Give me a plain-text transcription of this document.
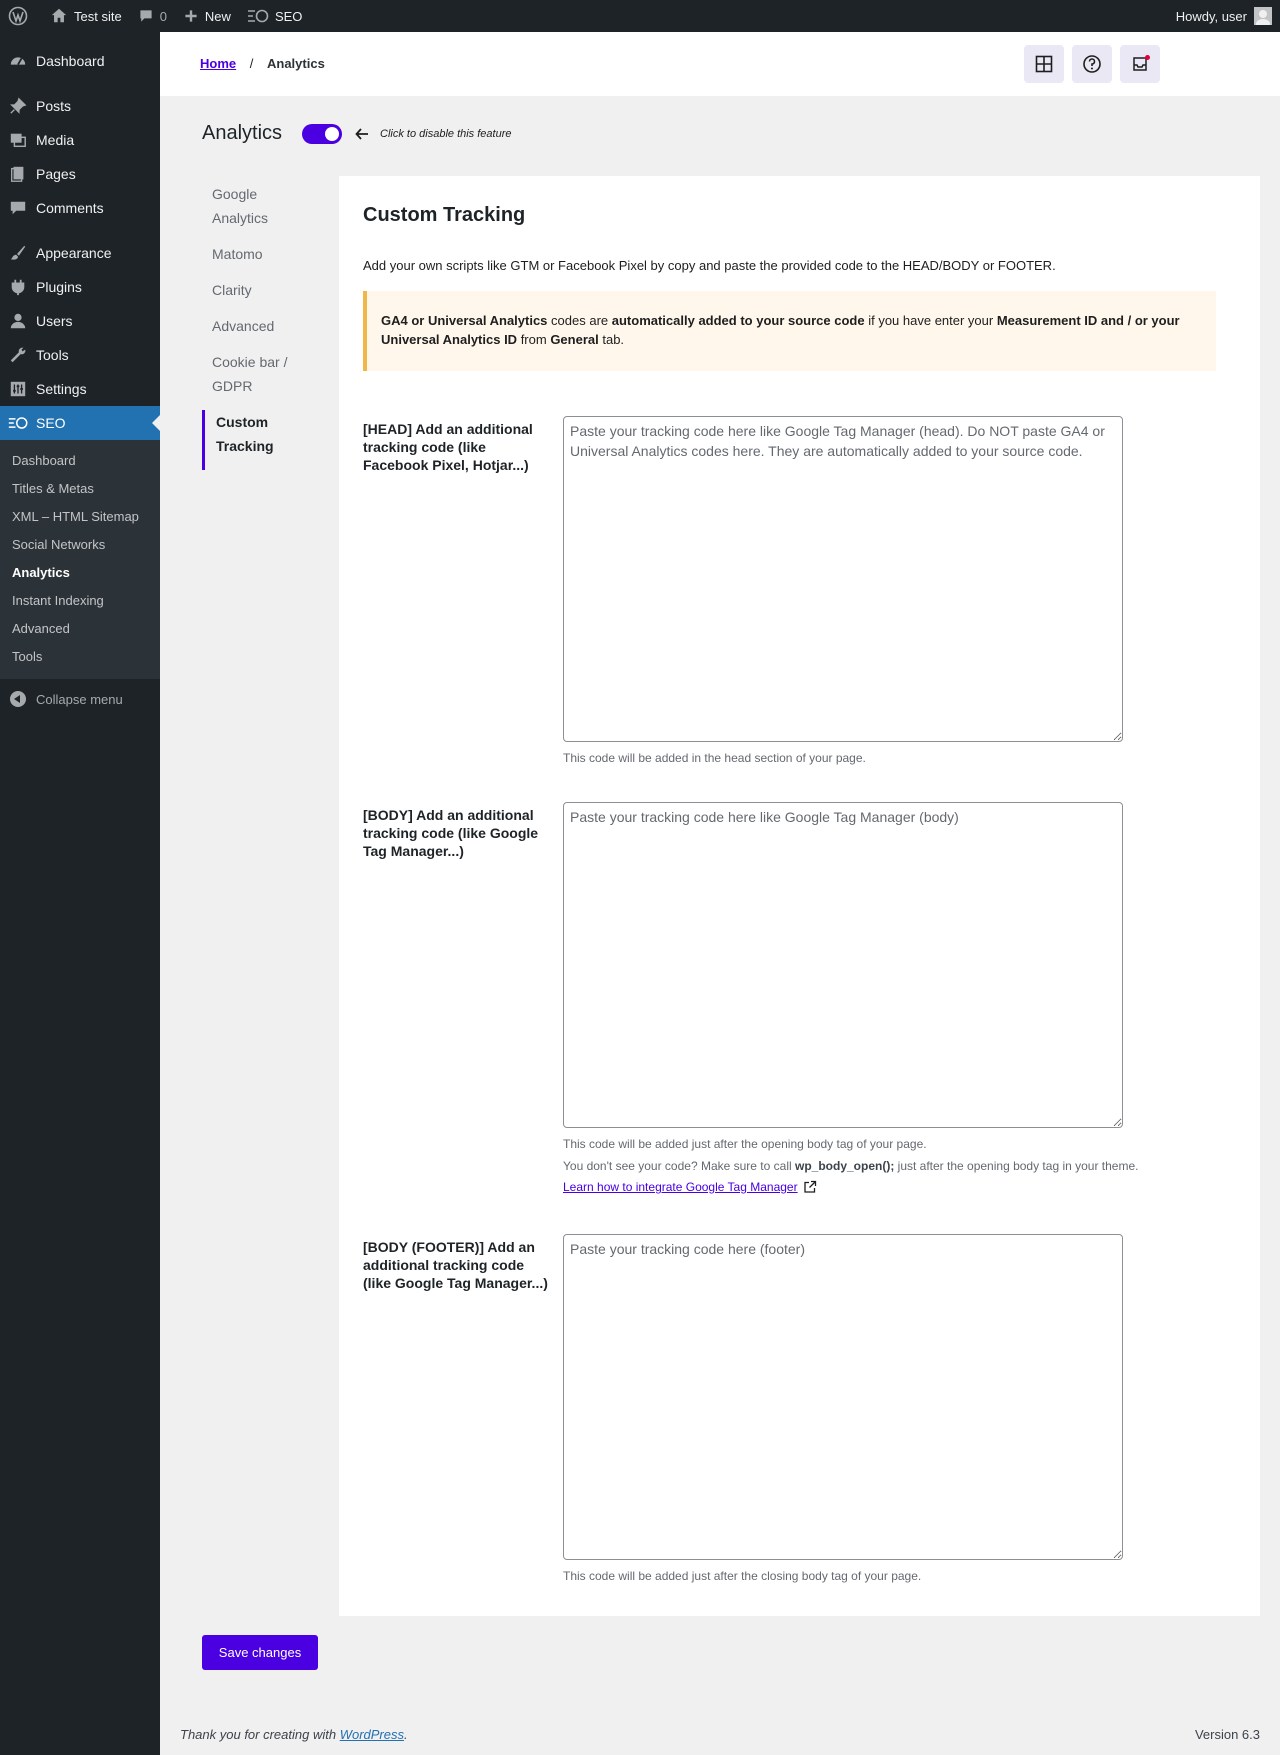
Test site	0	New	SEO	Howdy, user
Dashboard
Posts
Media
Pages
Comments
Appearance
Plugins
Users
Tools
Settings
SEO
Dashboard
Titles & Metas
XML – HTML Sitemap
Social Networks
Analytics
Instant Indexing
Advanced
Tools
Collapse menu
Home / Analytics
Analytics	Click to disable this feature
Google Analytics
Matomo
Clarity
Advanced
Cookie bar / GDPR
Custom Tracking
Custom Tracking

Add your own scripts like GTM or Facebook Pixel by copy and paste the provided code to the HEAD/BODY or FOOTER.

GA4 or Universal Analytics codes are automatically added to your source code if you have enter your Measurement ID and / or your Universal Analytics ID from General tab.
[HEAD] Add an additional tracking code (like Facebook Pixel, Hotjar...)
Paste your tracking code here like Google Tag Manager (head). Do NOT paste GA4 or Universal Analytics codes here. They are automatically added to your source code.

This code will be added in the head section of your page.

[BODY] Add an additional tracking code (like Google Tag Manager...)
Paste your tracking code here like Google Tag Manager (body)

This code will be added just after the opening body tag of your page.

You don't see your code? Make sure to call wp_body_open(); just after the opening body tag in your theme.

Learn how to integrate Google Tag Manager
[BODY (FOOTER)] Add an additional tracking code (like Google Tag Manager...)
Paste your tracking code here (footer)

This code will be added just after the closing body tag of your page.

Save changes
Thank you for creating with WordPress.	Version 6.3
